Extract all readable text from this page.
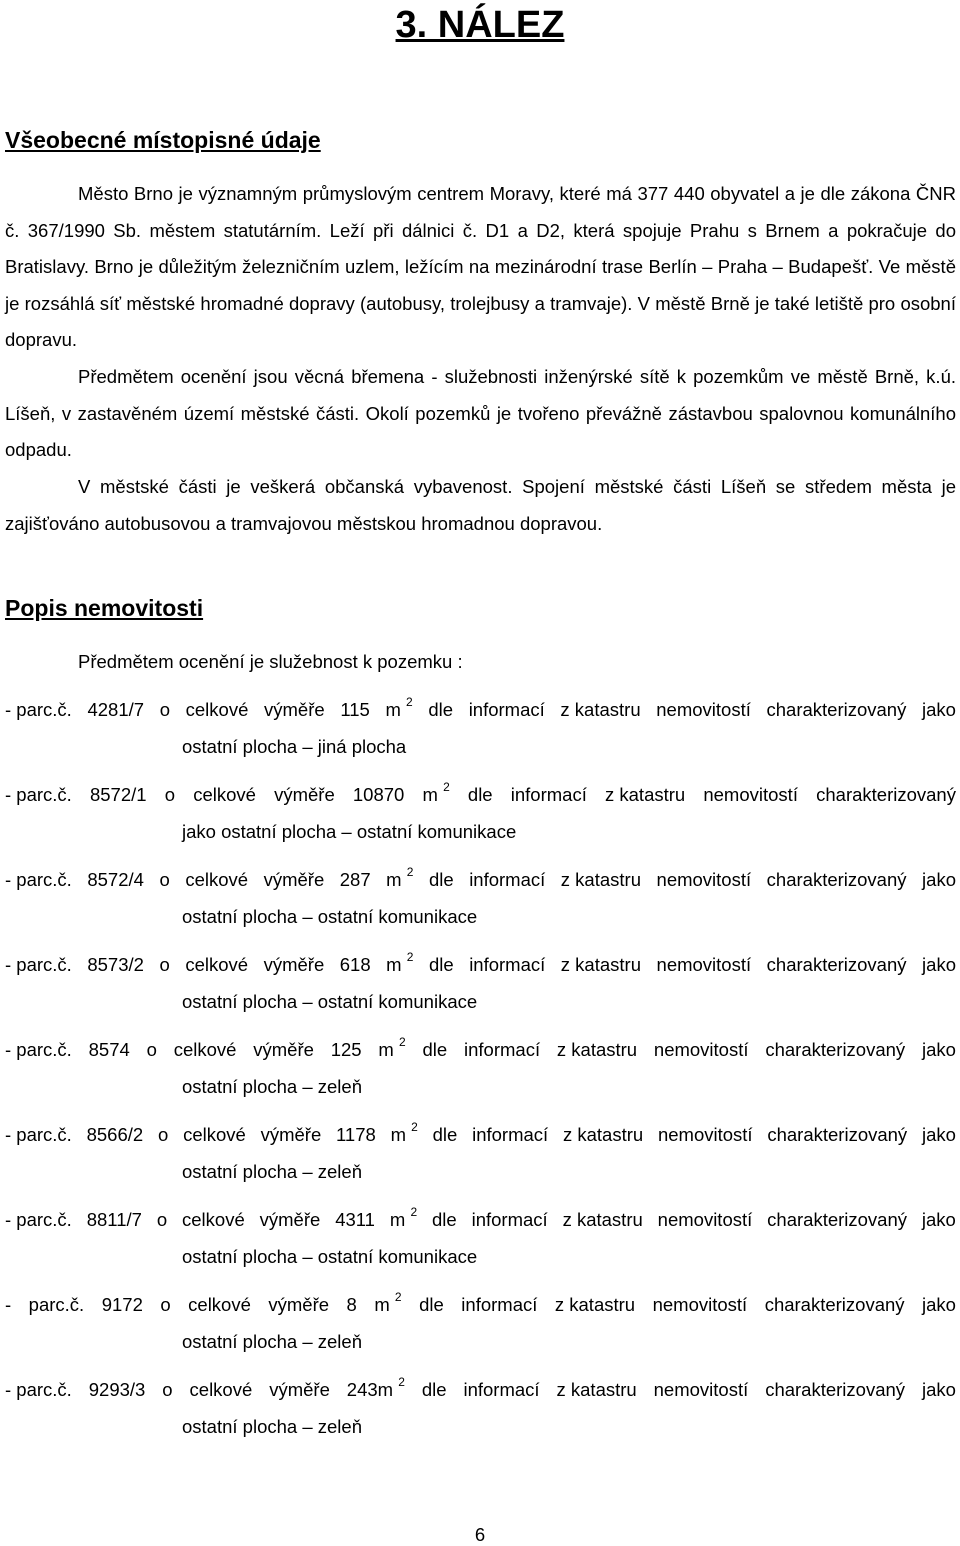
3. NÁLEZ
Všeobecné místopisné údaje

Město Brno je významným průmyslovým centrem Moravy, které má 377 440 obyvatel a je dle zákona ČNR č. 367/1990 Sb. městem statutárním. Leží při dálnici č. D1 a D2, která spojuje Prahu s Brnem a pokračuje do Bratislavy. Brno je důležitým železničním uzlem, ležícím na mezinárodní trase Berlín – Praha – Budapešť. Ve městě je rozsáhlá síť městské hromadné dopravy (autobusy, trolejbusy a tramvaje). V městě Brně je také letiště pro osobní dopravu.

Předmětem ocenění jsou věcná břemena - služebnosti inženýrské sítě k pozemkům ve městě Brně, k.ú. Líšeň, v zastavěném území městské části. Okolí pozemků je tvořeno převážně zástavbou spalovnou komunálního odpadu.

V městské části je veškerá občanská vybavenost. Spojení městské části Líšeň se středem města je zajišťováno autobusovou a tramvajovou městskou hromadnou dopravou.

Popis nemovitosti
Předmětem ocenění je služebnost k pozemku :
- parc.č. 4281/7 o celkové výměře 115 m $^2$ dle informací z katastru nemovitostí charakterizovaný jako
ostatní plocha – jiná plocha
- parc.č. 8572/1 o celkové výměře 10870 m $^2$ dle informací z katastru nemovitostí charakterizovaný
jako ostatní plocha – ostatní komunikace
- parc.č. 8572/4 o celkové výměře 287 m $^2$ dle informací z katastru nemovitostí charakterizovaný jako
ostatní plocha – ostatní komunikace
- parc.č. 8573/2 o celkové výměře 618 m $^2$ dle informací z katastru nemovitostí charakterizovaný jako
ostatní plocha – ostatní komunikace
- parc.č. 8574 o celkové výměře 125 m $^2$ dle informací z katastru nemovitostí charakterizovaný jako
ostatní plocha – zeleň
- parc.č. 8566/2 o celkové výměře 1178 m $^2$ dle informací z katastru nemovitostí charakterizovaný jako
ostatní plocha – zeleň
- parc.č. 8811/7 o celkové výměře 4311 m $^2$ dle informací z katastru nemovitostí charakterizovaný jako
ostatní plocha – ostatní komunikace
- parc.č. 9172 o celkové výměře 8 m $^2$ dle informací z katastru nemovitostí charakterizovaný jako
ostatní plocha – zeleň
- parc.č. 9293/3 o celkové výměře 243m $^2$ dle informací z katastru nemovitostí charakterizovaný jako
ostatní plocha – zeleň
6
